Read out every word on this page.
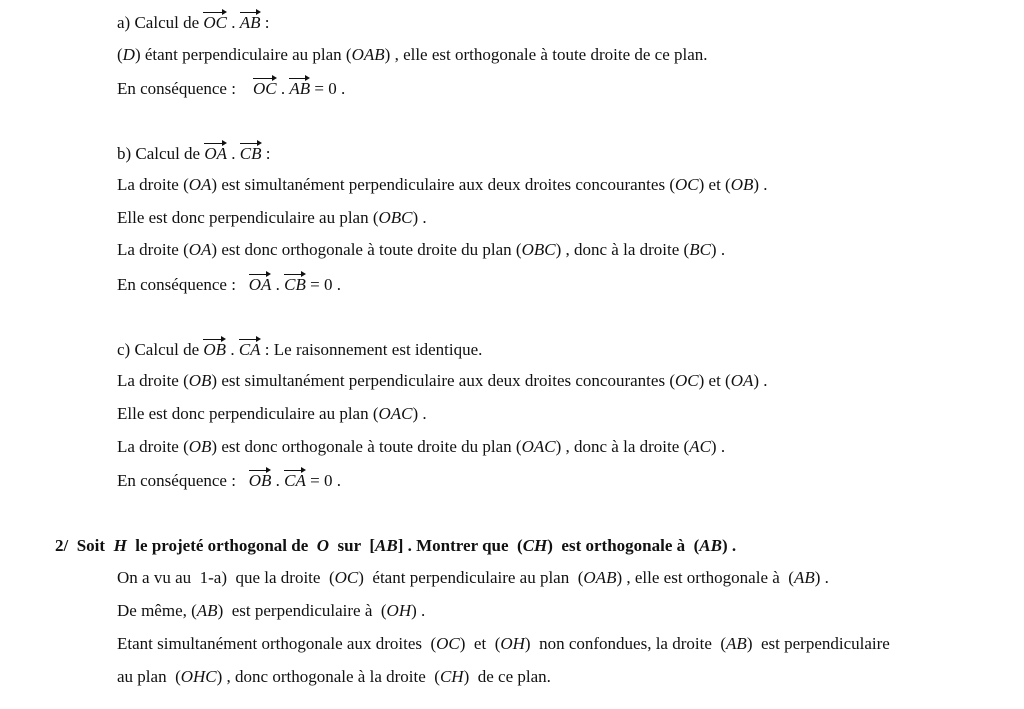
a) Calcul de OC . AB :
(D) étant perpendiculaire au plan (OAB) , elle est orthogonale à toute droite de ce plan.
En conséquence :    OC . AB = 0 .
b) Calcul de OA . CB :
La droite (OA) est simultanément perpendiculaire aux deux droites concourantes (OC) et (OB) .
Elle est donc perpendiculaire au plan (OBC) .
La droite (OA) est donc orthogonale à toute droite du plan (OBC) , donc à la droite (BC) .
En conséquence :   OA . CB = 0 .
c) Calcul de OB . CA : Le raisonnement est identique.
La droite (OB) est simultanément perpendiculaire aux deux droites concourantes (OC) et (OA) .
Elle est donc perpendiculaire au plan (OAC) .
La droite (OB) est donc orthogonale à toute droite du plan (OAC) , donc à la droite (AC) .
En conséquence :   OB . CA = 0 .
2/  Soit  H  le projeté orthogonal de  O  sur  [AB] . Montrer que  (CH)  est orthogonale à  (AB) .
On a vu au  1-a)  que la droite  (OC)  étant perpendiculaire au plan  (OAB) , elle est orthogonale à  (AB) .
De même, (AB)  est perpendiculaire à  (OH) .
Etant simultanément orthogonale aux droites  (OC)  et  (OH)  non confondues, la droite  (AB)  est perpendiculaire
au plan  (OHC) , donc orthogonale à la droite  (CH)  de ce plan.
